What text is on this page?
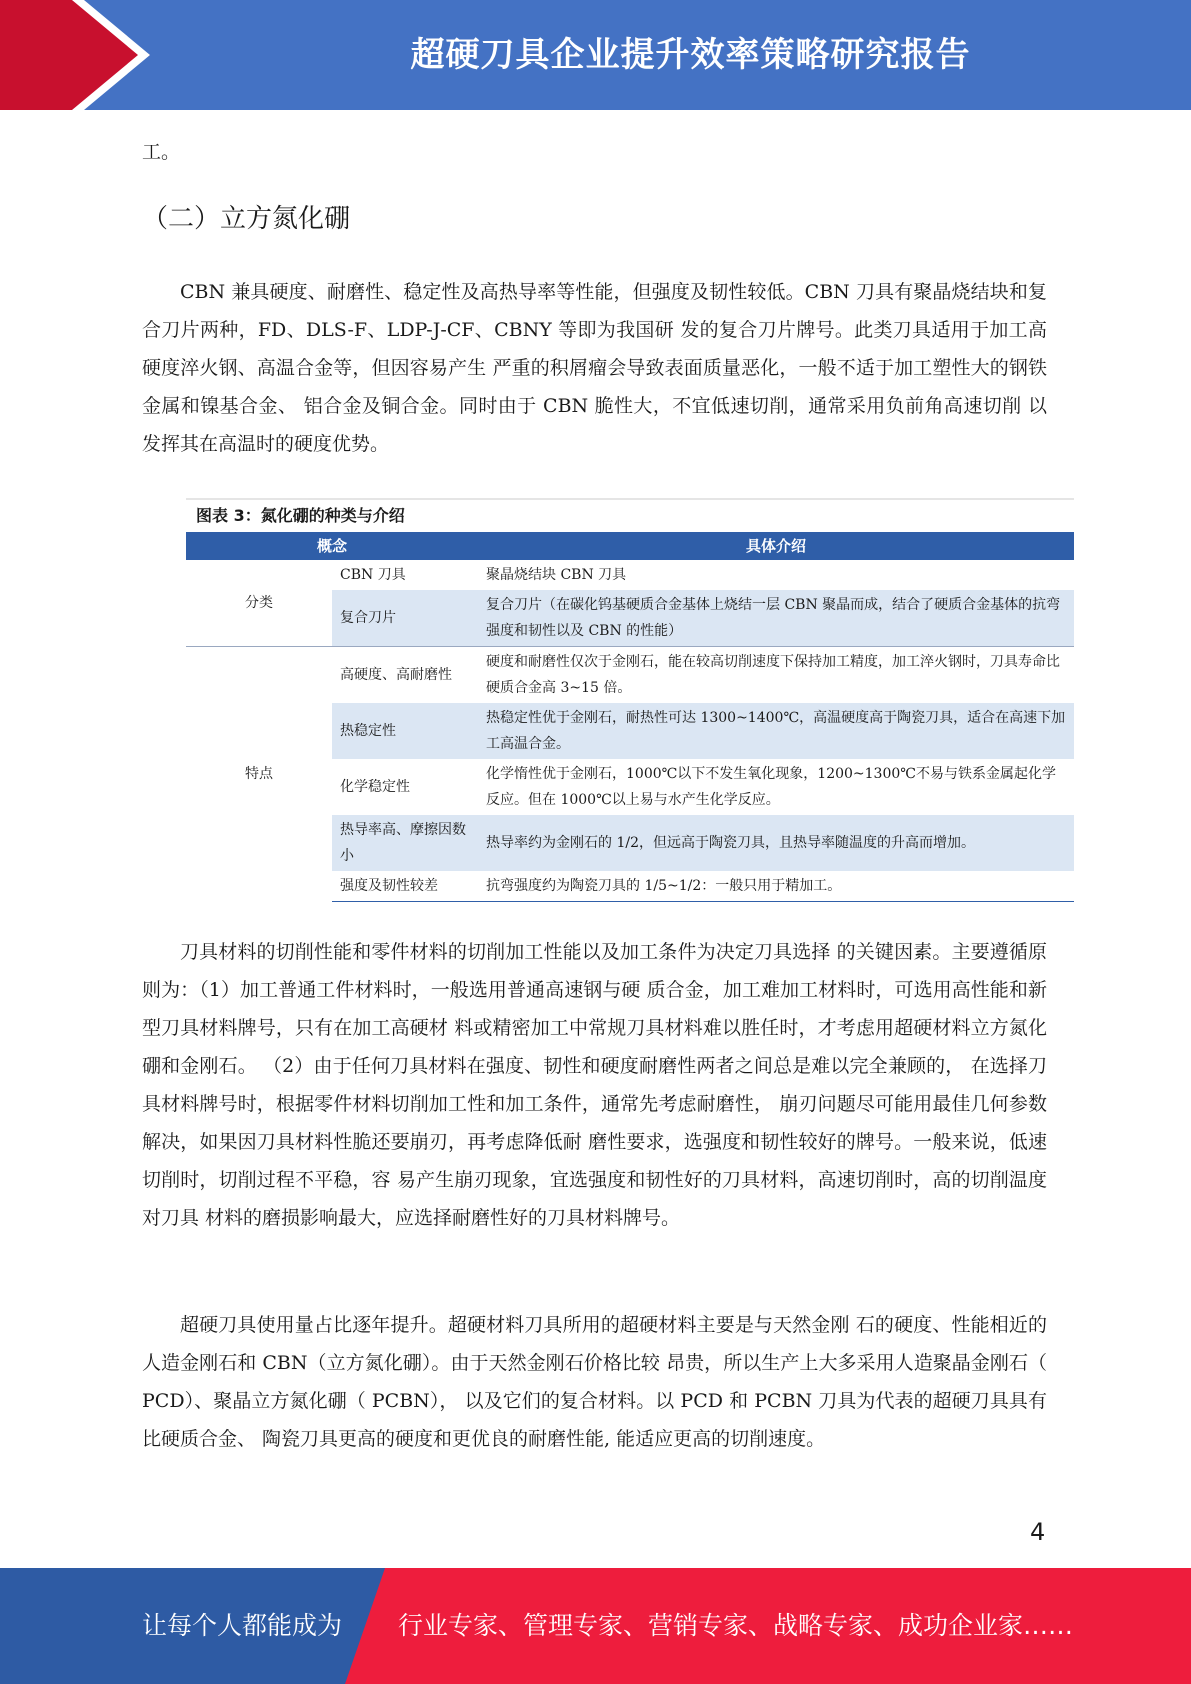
超硬刀具企业提升效率策略研究报告
工。
（二）立方氮化硼

CBN 兼具硬度、耐磨性、稳定性及高热导率等性能，但强度及韧性较低。CBN 刀具有聚晶烧结块和复合刀片两种，FD、DLS-F、LDP-J-CF、CBNY 等即为我国研 发的复合刀片牌号。此类刀具适用于加工高硬度淬火钢、高温合金等，但因容易产生 严重的积屑瘤会导致表面质量恶化，一般不适于加工塑性大的钢铁金属和镍基合金、 铝合金及铜合金。同时由于 CBN 脆性大，不宜低速切削，通常采用负前角高速切削 以发挥其在高温时的硬度优势。

图表 3：氮化硼的种类与介绍
概念		具体介绍
分类	CBN 刀具	聚晶烧结块 CBN 刀具
	复合刀片	复合刀片（在碳化钨基硬质合金基体上烧结一层 CBN 聚晶而成，结合了硬质合金基体的抗弯强度和韧性以及 CBN 的性能）
特点	高硬度、高耐磨性	硬度和耐磨性仅次于金刚石，能在较高切削速度下保持加工精度，加工淬火钢时，刀具寿命比硬质合金高 3~15 倍。
	热稳定性	热稳定性优于金刚石，耐热性可达 1300~1400℃，高温硬度高于陶瓷刀具，适合在高速下加工高温合金。
	化学稳定性	化学惰性优于金刚石，1000℃以下不发生氧化现象，1200~1300℃不易与铁系金属起化学反应。但在 1000℃以上易与水产生化学反应。
	热导率高、摩擦因数小	热导率约为金刚石的 1/2，但远高于陶瓷刀具，且热导率随温度的升高而增加。
	强度及韧性较差	抗弯强度约为陶瓷刀具的 1/5~1/2：一般只用于精加工。

刀具材料的切削性能和零件材料的切削加工性能以及加工条件为决定刀具选择 的关键因素。主要遵循原则为：（1）加工普通工件材料时，一般选用普通高速钢与硬 质合金，加工难加工材料时，可选用高性能和新型刀具材料牌号，只有在加工高硬材 料或精密加工中常规刀具材料难以胜任时，才考虑用超硬材料立方氮化硼和金刚石。 （2）由于任何刀具材料在强度、韧性和硬度耐磨性两者之间总是难以完全兼顾的， 在选择刀具材料牌号时，根据零件材料切削加工性和加工条件，通常先考虑耐磨性， 崩刃问题尽可能用最佳几何参数解决，如果因刀具材料性脆还要崩刃，再考虑降低耐 磨性要求，选强度和韧性较好的牌号。一般来说，低速切削时，切削过程不平稳，容 易产生崩刃现象，宜选强度和韧性好的刀具材料，高速切削时，高的切削温度对刀具 材料的磨损影响最大，应选择耐磨性好的刀具材料牌号。

超硬刀具使用量占比逐年提升。超硬材料刀具所用的超硬材料主要是与天然金刚 石的硬度、性能相近的人造金刚石和 CBN（立方氮化硼）。由于天然金刚石价格比较 昂贵，所以生产上大多采用人造聚晶金刚石（ PCD）、聚晶立方氮化硼（ PCBN）， 以及它们的复合材料。以 PCD 和 PCBN 刀具为代表的超硬刀具具有比硬质合金、 陶瓷刀具更高的硬度和更优良的耐磨性能, 能适应更高的切削速度。

4
让每个人都能成为 行业专家、管理专家、营销专家、战略专家、成功企业家……
